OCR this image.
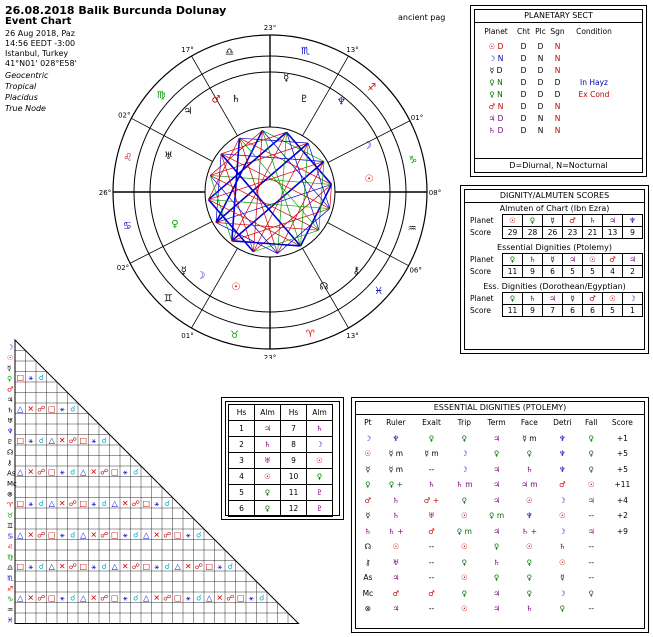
26.08.2018 Balik Burcunda Dolunay
Event Chart
26 Aug 2018, Paz
14:56 EEDT -3:00
Istanbul, Turkey
41°N01' 028°E58'
Geocentric
Tropical
Placidus
True Node
ancient pag
♌
26°
♍
02°
♎
17°	♏
23°
♐
13°
♑
01°
♒
08°
♓
06°
♈	13°
♉
23°
♊
01°
♋
02°
☉
☽
☿
♀
♂
♃
♄
♅
♆
♇
☊
⚷
☉
☽
☿
PLANETARY SECT
Planet	Cht	Plc	Sgn	Condition
☉ D	D	D	N	
☽ N	D	N	N	
☿ D	D	D	N	
♀ N	D	D	D	In Hayz
♀ N	D	D	D	Ex Cond
♂ N	D	D	N	
♃ D	D	N	N	
♄ D	D	N	N	
D=Diurnal, N=Nocturnal
DIGNITY/ALMUTEN SCORES
Almuten of Chart (Ibn Ezra)
Planet	☉	♀	☿	♂	♄	♃	♆
Score	29	28	26	23	21	13	9
Essential Dignities (Ptolemy)
Planet	♀	♄	☿	♃	☉	♂	♃
Score	11	9	6	5	5	4	2
Ess. Dignities (Dorothean/Egyptian)
Planet	♀	♄	♃	☿	♂	☉	☽
Score	11	9	7	6	6	5	1
☽
☉
☿
♀
♂
♃
♄
♅
♆
♇
☊
⚷
As
Mc
⊗
♈
♉
♊
♋
♌
♍
♎
♏
♐
♑
♒
♓
□ ⚹ ☌
△ ✕ ☍ □ ⚹ ☌
□ ⚹ ☌ △ ✕ ☍ □ ⚹ ☌
△ ✕ ☍ □ ⚹ ☌ △ ✕ ☍ □ ⚹ ☌
□ ⚹ ☌ △ ✕ ☍ □ ⚹ ☌ △ ✕ ☍ □ ⚹ ☌
△ ✕ ☍ □ ⚹ ☌ △ ✕ ☍ □ ⚹ ☌ △ ✕ ☍ □ ⚹ ☌
□ ⚹ ☌ △ ✕ ☍ □ ⚹ ☌ △ ✕ ☍ □ ⚹ ☌ △ ✕ ☍ □ ⚹ ☌
△ ✕ ☍ □ ⚹ ☌ △ ✕ ☍ □ ⚹ ☌ △ ✕ ☍ □ ⚹ ☌ △ ✕ ☍ □ ⚹ ☌
Hs	Alm	Hs	Alm
1	♃	7	♄
2	♄	8	☽
3	♅	9	☉
4	☉	10	♀
5	♀	11	♇
6	♀	12	♇
ESSENTIAL DIGNITIES (PTOLEMY)
Pt	Ruler	Exalt	Trip	Term	Face	Detri	Fall	Score
☽	♆	♀	♀	♃	☿ m	♆	♀	+1
☉	☿ m	☿ m	☽	♀	♀	♆	♀	+5
☿	☿ m	--	☽	♃	♄	♆	♀	+5
♀	♀ +	♄	♄ m	♃	♃ m	♂	☉	+11
♂	♄	♂ +	♀	♃	☉	☽	♃	+4
☿	♄	♅	☉	♀ m	♆	☉	--	+2
♄	♄ +	♂	♀ m	♃	♄ +	☽	♃	+9
☊	☉	--	☉	♀	☉	♄	--	
⚷	♅	--	♀	♄	♀	☉	--	
As	♃	--	☉	♀	♀	☿	--	
Mc	♂	♂	♀	♃	♀	☽	♀	
⊗	♃	--	☉	♃	♄	♀	--	
